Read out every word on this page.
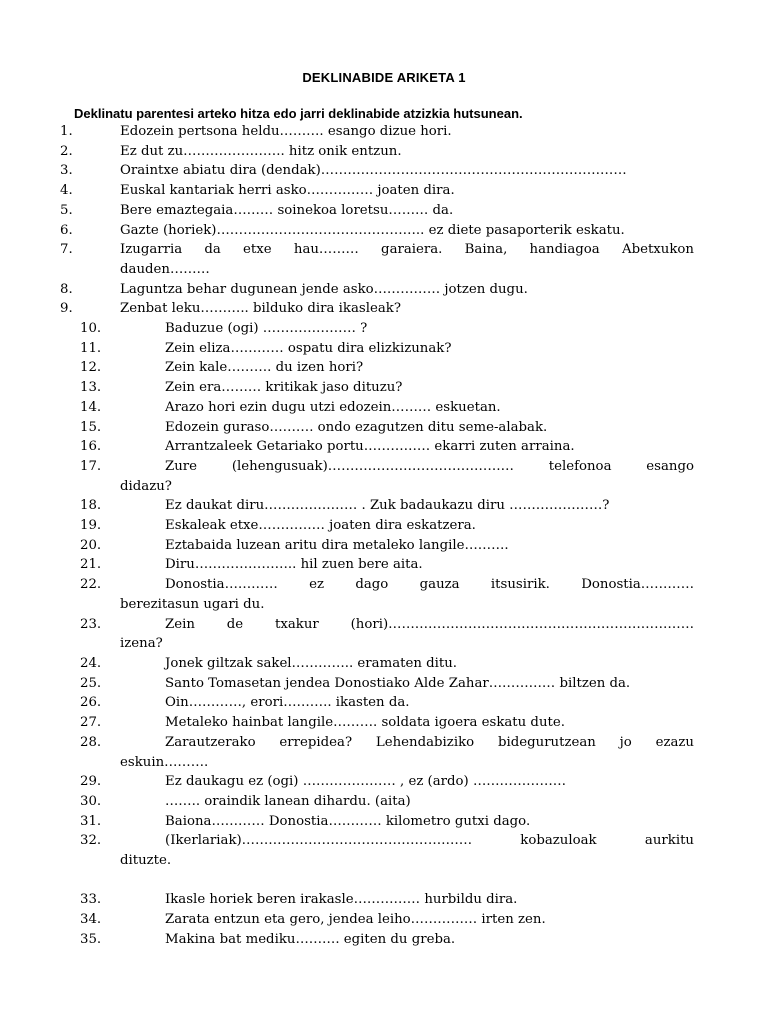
DEKLINABIDE ARIKETA 1
Deklinatu parentesi arteko hitza edo jarri deklinabide atzizkia hutsunean.
1.	Edozein pertsona heldu………. esango dizue hori.
2.	Ez dut zu………………….. hitz onik entzun.
3.	Oraintxe abiatu dira (dendak)……………………………………………………………
4.	Euskal kantariak herri asko…………… joaten dira.
5.	Bere emaztegaia……… soinekoa loretsu……… da.
6.	Gazte (horiek)……………………………………….. ez diete pasaporterik eskatu.
7.	Izugarria da etxe hau……… garaiera. Baina, handiagoa Abetxukon
dauden………
8.	Laguntza behar dugunean jende asko…………… jotzen dugu.
9.	Zenbat leku……….. bilduko dira ikasleak?
10.	Baduzue (ogi) ………………… ?
11.	Zein eliza………… ospatu dira elizkizunak?
12.	Zein kale………. du izen hori?
13.	Zein era……… kritikak jaso dituzu?
14.	Arazo hori ezin dugu utzi edozein……… eskuetan.
15.	Edozein guraso………. ondo ezagutzen ditu seme-alabak.
16.	Arrantzaleek Getariako portu…………… ekarri zuten arraina.
17.	Zure (lehengusuak)…………………………………… telefonoa esango
didazu?
18.	Ez daukat diru………………… . Zuk badaukazu diru …………………?
19.	Eskaleak etxe…………… joaten dira eskatzera.
20.	Eztabaida luzean aritu dira metaleko langile……….
21.	Diru………………….. hil zuen bere aita.
22.	Donostia………… ez dago gauza itsusirik. Donostia…………
berezitasun ugari du.
23.	Zein de txakur (hori)……………………………………………………………
izena?
24.	Jonek giltzak sakel………….. eramaten ditu.
25.	Santo Tomasetan jendea Donostiako Alde Zahar…………… biltzen da.
26.	Oin…………, erori……….. ikasten da.
27.	Metaleko hainbat langile………. soldata igoera eskatu dute.
28.	Zarautzerako errepidea? Lehendabiziko bidegurutzean jo ezazu
eskuin……….
29.	Ez daukagu ez (ogi) ………………… , ez (ardo) …………………
30.	…….. oraindik lanean dihardu. (aita)
31.	Baiona………… Donostia………… kilometro gutxi dago.
32.	(Ikerlariak)……………………………………………. kobazuloak aurkitu
dituzte.
33.	Ikasle horiek beren irakasle…………… hurbildu dira.
34.	Zarata entzun eta gero, jendea leiho…………… irten zen.
35.	Makina bat mediku………. egiten du greba.
